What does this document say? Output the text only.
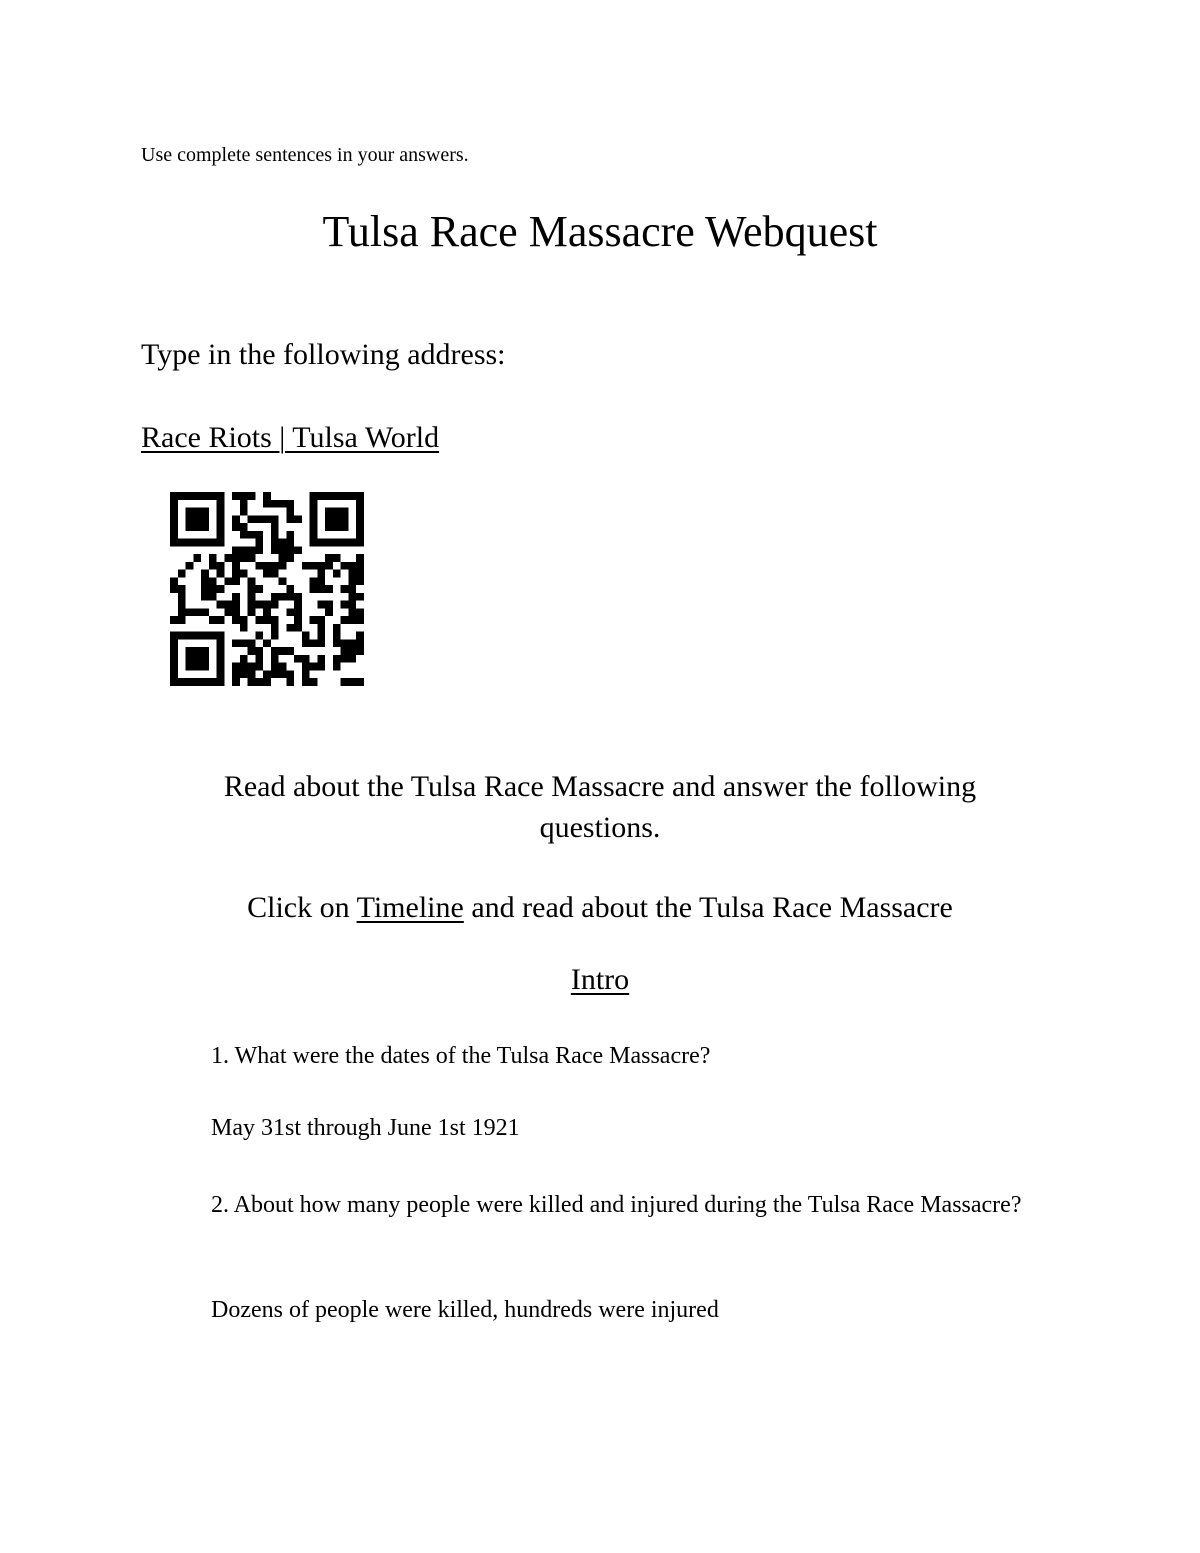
Use complete sentences in your answers.
Tulsa Race Massacre Webquest
Type in the following address:
Race Riots | Tulsa World
Read about the Tulsa Race Massacre and answer the following questions.
Click on Timeline and read about the Tulsa Race Massacre
Intro
1. What were the dates of the Tulsa Race Massacre?
May 31st through June 1st 1921
2. About how many people were killed and injured during the Tulsa Race Massacre?
Dozens of people were killed, hundreds were injured
